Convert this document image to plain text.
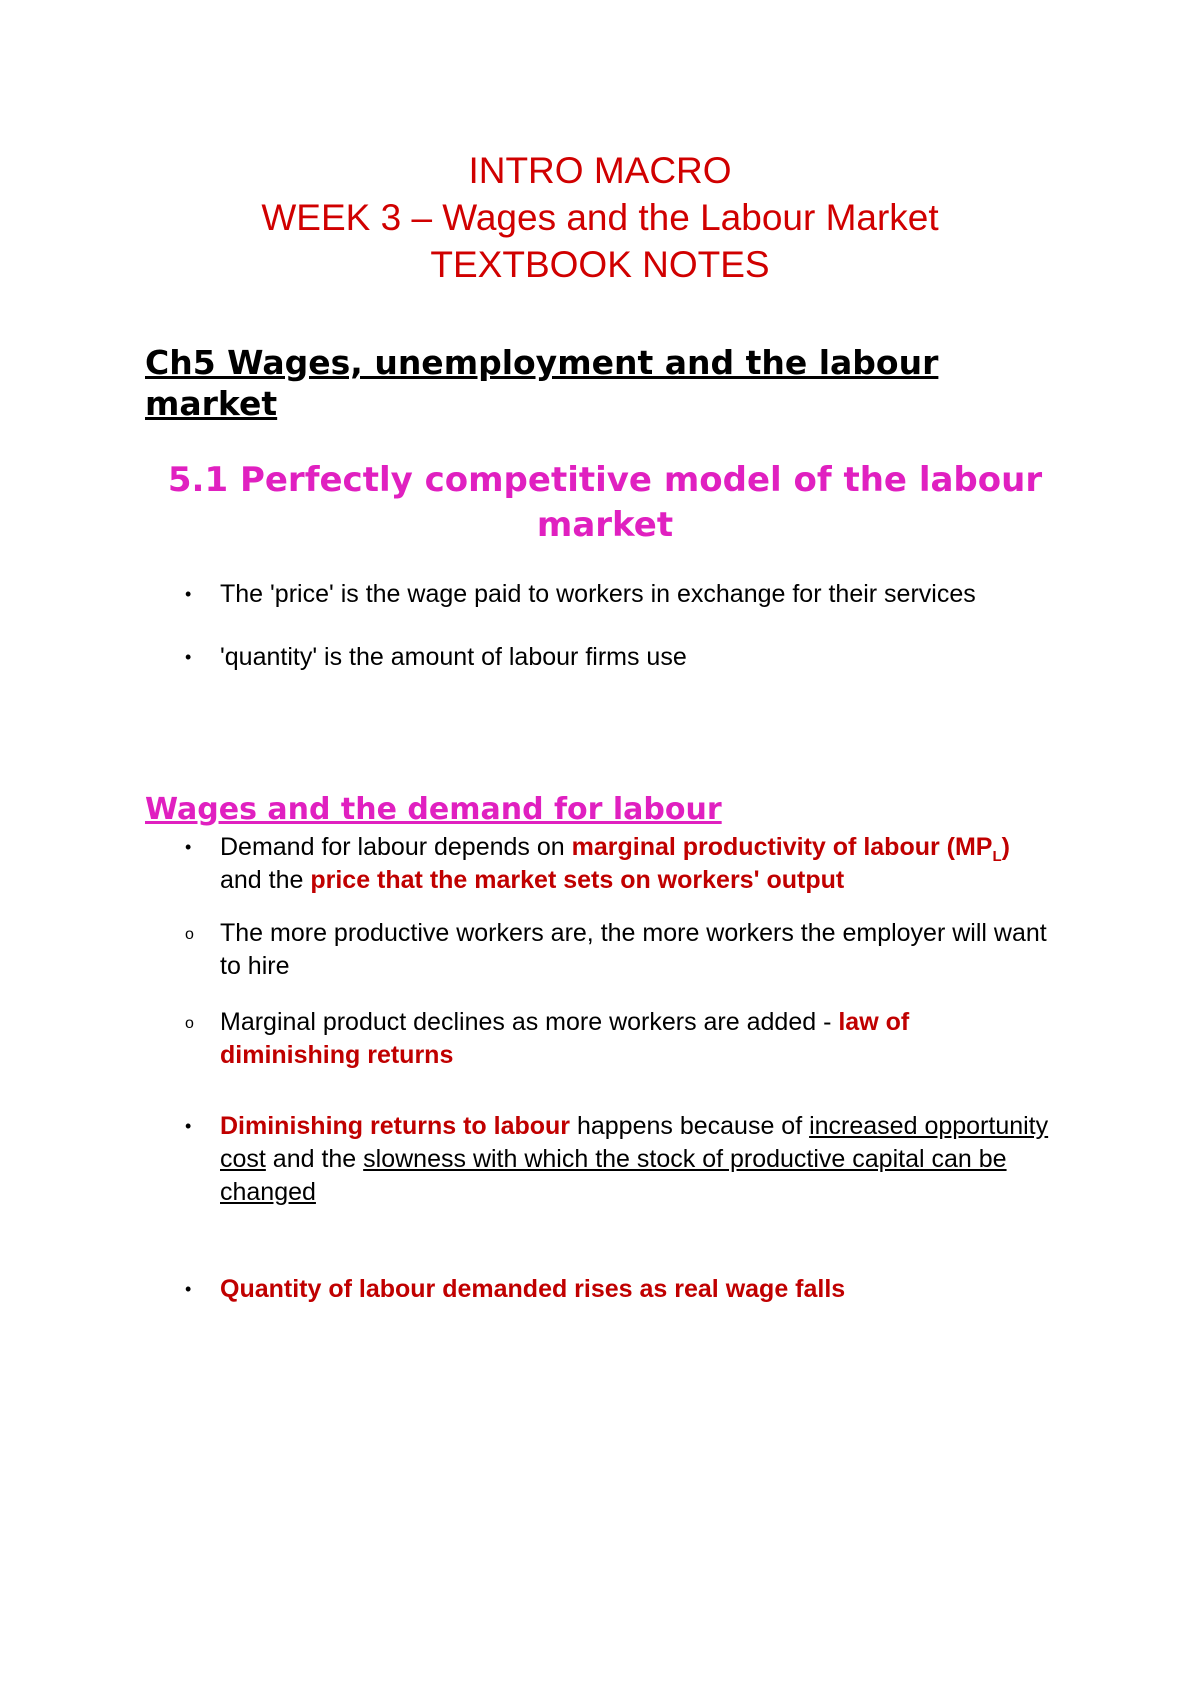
INTRO MACRO
WEEK 3 – Wages and the Labour Market
TEXTBOOK NOTES
Ch5 Wages, unemployment and the labour market
5.1 Perfectly competitive model of the labour market
•	The 'price' is the wage paid to workers in exchange for their services
•	'quantity' is the amount of labour firms use
Wages and the demand for labour
•	Demand for labour depends on marginal productivity of labour $(MP_L)$ and the price that the market sets on workers' output
o	The more productive workers are, the more workers the employer will want to hire
o	Marginal product declines as more workers are added - law of diminishing returns
•	Diminishing returns to labour happens because of increased opportunity cost and the slowness with which the stock of productive capital can be changed
•	Quantity of labour demanded rises as real wage falls
